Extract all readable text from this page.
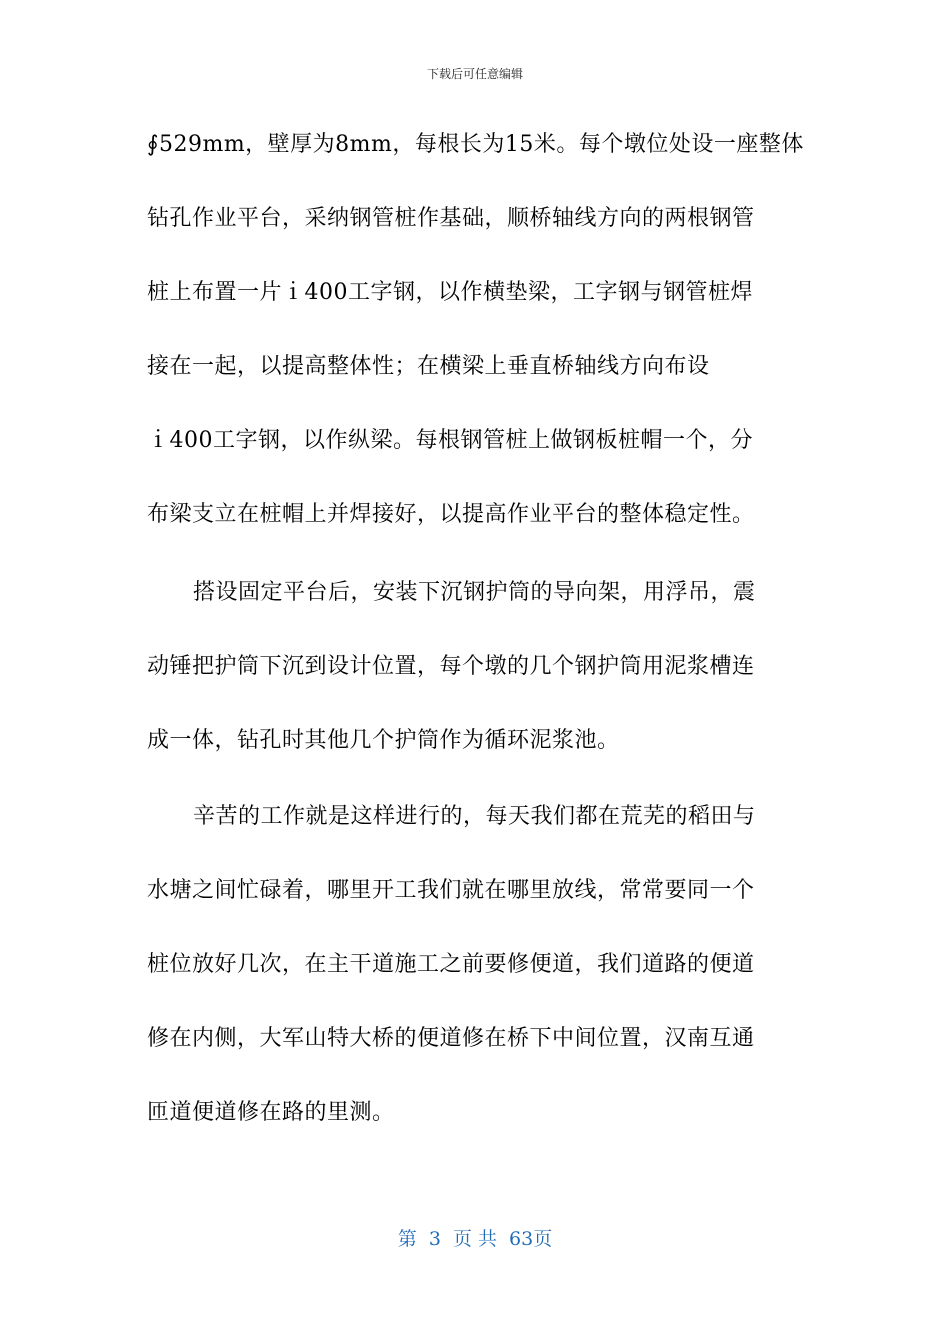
下载后可任意编辑
∮529mm，壁厚为8mm，每根长为15米。每个墩位处设一座整体
钻孔作业平台，采纳钢管桩作基础，顺桥轴线方向的两根钢管
桩上布置一片ｉ400工字钢，以作横垫梁，工字钢与钢管桩焊
接在一起，以提高整体性；在横梁上垂直桥轴线方向布设
ｉ400工字钢，以作纵梁。每根钢管桩上做钢板桩帽一个，分
布梁支立在桩帽上并焊接好，以提高作业平台的整体稳定性。
搭设固定平台后，安装下沉钢护筒的导向架，用浮吊，震
动锤把护筒下沉到设计位置，每个墩的几个钢护筒用泥浆槽连
成一体，钻孔时其他几个护筒作为循环泥浆池。
辛苦的工作就是这样进行的，每天我们都在荒芜的稻田与
水塘之间忙碌着，哪里开工我们就在哪里放线，常常要同一个
桩位放好几次，在主干道施工之前要修便道，我们道路的便道
修在内侧，大军山特大桥的便道修在桥下中间位置，汉南互通
匝道便道修在路的里测。
第 3 页 共 63页
